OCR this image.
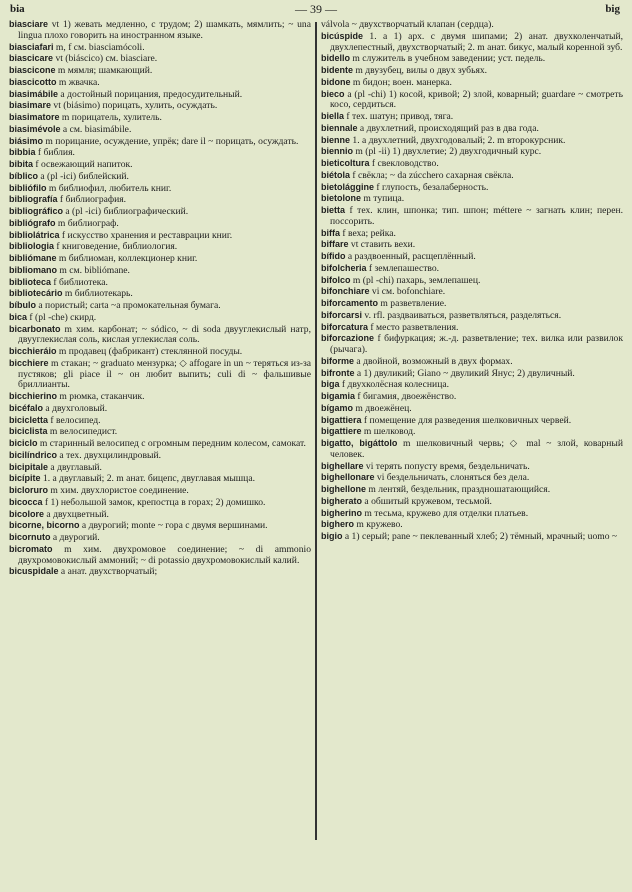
bia	— 39 —	big

biasciare vt 1) жевать медленно, с трудом; 2) шамкать, мямлить; ~ una lingua плохо говорить на иностранном языке.

biasciafari m, f см. biasciamócoli.

biascicare vt (biáscico) см. biasciare.

biascicone m мямля; шамкающий.

biascicotto m жвачка.

biasimábile a достойный порицания, предосудительный.

biasimare vt (biásimo) порицать, хулить, осуждать.

biasimatore m порицатель, хулитель.

biasimévole a см. biasimábile.

biásimo m порицание, осуждение, упрёк; dare il ~ порицать, осуждать.

bibbia f библия.

bibita f освежающий напиток.

bíblico a (pl -ici) библейский.

bibliófilo m библиофил, любитель книг.

bibliografía f библиография.

bibliográfico a (pl -ici) библиографический.

bibliógrafo m библиограф.

bibliolátrica f искусство хранения и реставрации книг.

bibliologia f книговедение, библиология.

bibliómane m библиоман, коллекционер книг.

bibliomano m см. bibliómane.

biblioteca f библиотека.

bibliotecário m библиотекарь.

bíbulo a пористый; carta ~a промокательная бумага.

bica f (pl -che) скирд.

bicarbonato m хим. карбонат; ~ sódico, ~ di soda двууглекислый натр, двууглекислая соль, кислая углекислая соль.

bicchieráio m продавец (фабрикант) стеклянной посуды.

bicchiere m стакан; ~ graduato мензурка; ◇ affogare in un ~ теряться из-за пустяков; gli piace il ~ он любит выпить; culi di ~ фальшивые бриллианты.

bicchierino m рюмка, стаканчик.

bicéfalo a двухголовый.

bicicletta f велосипед.

biciclista m велосипедист.

biciclo m старинный велосипед с огромным передним колесом, самокат.

bicilíndrico a тех. двухцилиндровый.

bicipitale a двуглавый.

bicípite 1. a двуглавый; 2. m анат. бицепс, двуглавая мышца.

bicloruro m хим. двухлористое соединение.

bicocca f 1) небольшой замок, крепостца в горах; 2) домишко.

bicolore a двухцветный.

bicorne, bicorno a двурогий; monte ~ гора с двумя вершинами.

bicornuto a двурогий.

bicromato m хим. двухромовое соединение; ~ di ammonio двухромовокислый аммоний; ~ di potassio двухромовокислый калий.

bicuspidale a анат. двухстворчатый;

válvola ~ двухстворчатый клапан (сердца).

bicúspide 1. a 1) арх. с двумя шипами; 2) анат. двухколенчатый, двухлепестный, двухстворчатый; 2. m анат. бикус, малый коренной зуб.

bidello m служитель в учебном заведении; уст. педель.

bidente m двузубец, вилы о двух зубьях.

bidone m бидон; воен. манерка.

bieco a (pl -chi) 1) косой, кривой; 2) злой, коварный; guardare ~ смотреть косо, сердиться.

biella f тех. шатун; привод, тяга.

biennale a двухлетний, происходящий раз в два года.

bienne 1. a двухлетний, двухгодовалый; 2. m второкурсник.

biennio m (pl -ii) 1) двухлетие; 2) двухгодичный курс.

bieticoltura f свекловодство.

biétola f свёкла; ~ da zúcchero сахарная свёкла.

bietolággine f глупость, безалаберность.

bietolone m тупица.

bietta f тех. клин, шпонка; тип. шпон; méttere ~ загнать клин; перен. поссорить.

biffa f веха; рейка.

biffare vt ставить вехи.

bífido a раздвоенный, расщеплённый.

bifolcheria f землепашество.

bifolco m (pl -chi) пахарь, землепашец.

bifonchiare vi см. bofonchiare.

biforcamento m разветвление.

biforcarsi v. rfl. раздваиваться, разветвляться, разделяться.

biforcatura f место разветвления.

biforcazione f бифуркация; ж.-д. разветвление; тех. вилка или развилок (рычага).

biforme a двойной, возможный в двух формах.

bifronte a 1) двуликий; Giano ~ двуликий Янус; 2) двуличный.

biga f двухколёсная колесница.

bigamia f бигамия, двоежёнство.

bígamo m двоежёнец.

bigattiera f помещение для разведения шелковичных червей.

bigattiere m шелковод.

bigatto, bigáttolo m шелковичный червь; ◇ mal ~ злой, коварный человек.

bighellare vi терять попусту время, бездельничать.

bighellonare vi бездельничать, слоняться без дела.

bighellone m лентяй, бездельник, праздношатающийся.

bigherato a обшитый кружевом, тесьмой.

bigherino m тесьма, кружево для отделки платьев.

bighero m кружево.

bigio a 1) серый; pane ~ пеклеванный хлеб; 2) тёмный, мрачный; uomo ~
